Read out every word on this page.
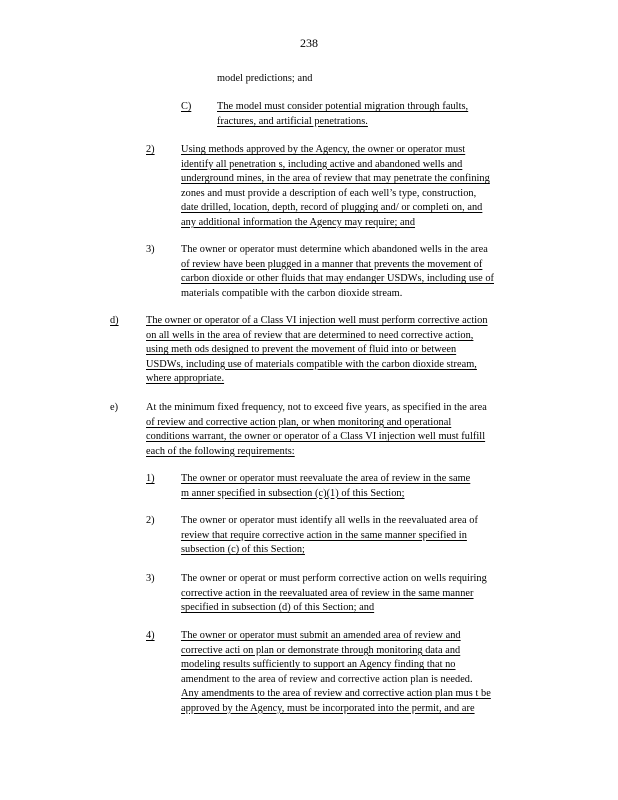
238
model predictions; and
C) The model must consider potential migration through faults,
fractures, and artificial penetrations.
2)	Using methods approved by the Agency, the owner or operator must
identify all penetration s, including active and abandoned wells and
underground mines, in the area of review that may penetrate the confining
zones and must provide a description of each well’s type, construction,
date drilled, location, depth, record of plugging and/ or completi on, and
any additional information the Agency may require; and
3)	The owner or operator must determine which abandoned wells in the area
of review have been plugged in a manner that prevents the movement of
carbon dioxide or other fluids that may endanger USDWs, including use of
materials compatible with the carbon dioxide stream.
d)	The owner or operator of a Class VI injection well must perform corrective action
on all wells in the area of review that are determined to need corrective action,
using meth ods designed to prevent the movement of fluid into or between
USDWs, including use of materials compatible with the carbon dioxide stream,
where appropriate.
e)	At the minimum fixed frequency, not to exceed five years, as specified in the area
of review and corrective action plan, or when monitoring and operational
conditions warrant, the owner or operator of a Class VI injection well must fulfill
each of the following requirements:
1)	The owner or operator must reevaluate the area of review in the same
m anner specified in subsection (c)(1) of this Section;
2)	The owner or operator must identify all wells in the reevaluated area of
review that require corrective action in the same manner specified in
subsection (c) of this Section;
3)	The owner or operat or must perform corrective action on wells requiring
corrective action in the reevaluated area of review in the same manner
specified in subsection (d) of this Section; and
4)	The owner or operator must submit an amended area of review and
corrective acti on plan or demonstrate through monitoring data and
modeling results sufficiently to support an Agency finding that no
amendment to the area of review and corrective action plan is needed.
Any amendments to the area of review and corrective action plan mus t be
approved by the Agency, must be incorporated into the permit, and are
